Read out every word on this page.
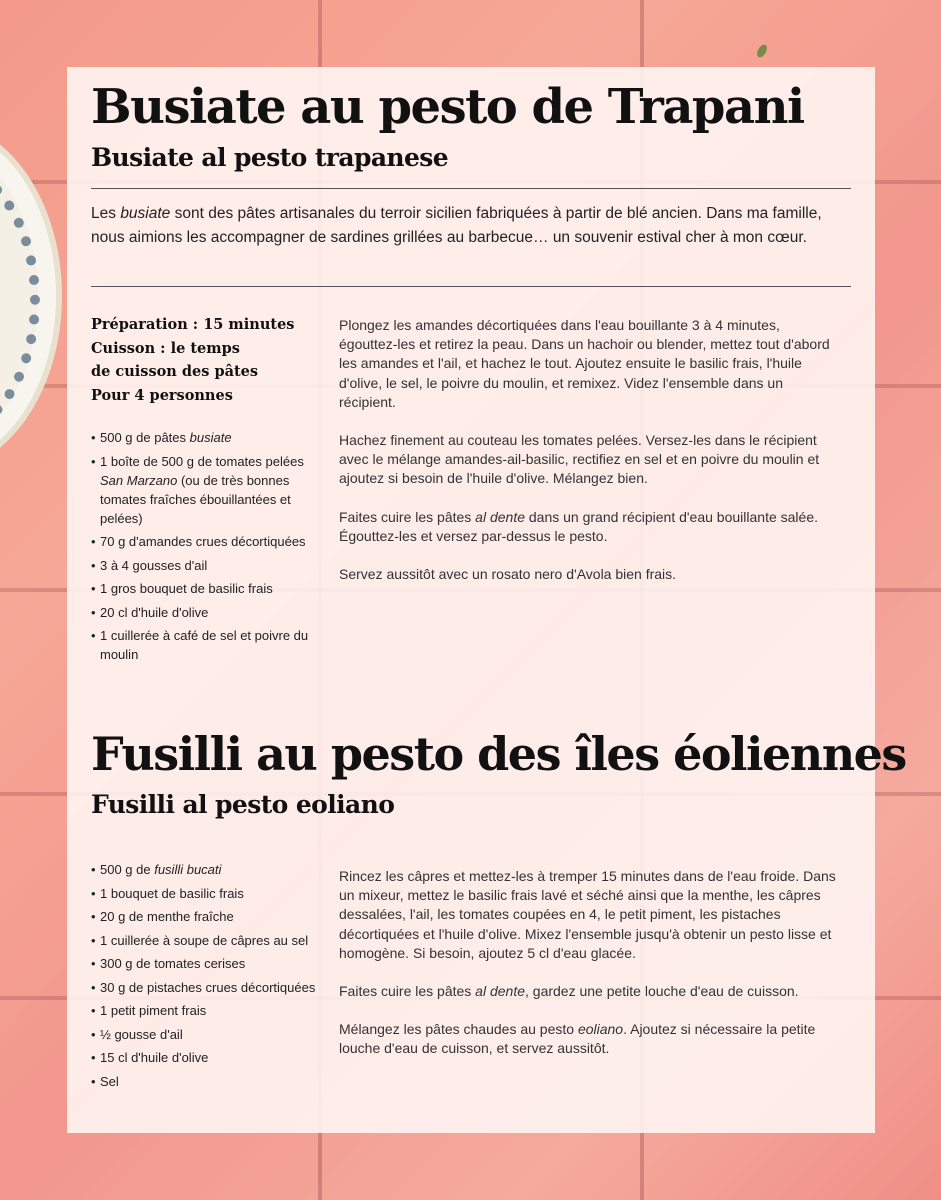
Busiate au pesto de Trapani
Busiate al pesto trapanese
Les busiate sont des pâtes artisanales du terroir sicilien fabriquées à partir de blé ancien. Dans ma famille, nous aimions les accompagner de sardines grillées au barbecue… un souvenir estival cher à mon cœur.
Préparation : 15 minutes
Cuisson : le temps
de cuisson des pâtes
Pour 4 personnes
• 500 g de pâtes busiate
• 1 boîte de 500 g de tomates pelées San Marzano (ou de très bonnes tomates fraîches ébouillantées et pelées)
• 70 g d'amandes crues décortiquées
• 3 à 4 gousses d'ail
• 1 gros bouquet de basilic frais
• 20 cl d'huile d'olive
• 1 cuillerée à café de sel et poivre du moulin

Plongez les amandes décortiquées dans l'eau bouillante 3 à 4 minutes, égouttez-les et retirez la peau. Dans un hachoir ou blender, mettez tout d'abord les amandes et l'ail, et hachez le tout. Ajoutez ensuite le basilic frais, l'huile d'olive, le sel, le poivre du moulin, et remixez. Videz l'ensemble dans un récipient.

Hachez finement au couteau les tomates pelées. Versez-les dans le récipient avec le mélange amandes-ail-basilic, rectifiez en sel et en poivre du moulin et ajoutez si besoin de l'huile d'olive. Mélangez bien.

Faites cuire les pâtes al dente dans un grand récipient d'eau bouillante salée. Égouttez-les et versez par-dessus le pesto.

Servez aussitôt avec un rosato nero d'Avola bien frais.

Fusilli au pesto des îles éoliennes
Fusilli al pesto eoliano
• 500 g de fusilli bucati
• 1 bouquet de basilic frais
• 20 g de menthe fraîche
• 1 cuillerée à soupe de câpres au sel
• 300 g de tomates cerises
• 30 g de pistaches crues décortiquées
• 1 petit piment frais
• ½ gousse d'ail
• 15 cl d'huile d'olive
• Sel

Rincez les câpres et mettez-les à tremper 15 minutes dans de l'eau froide. Dans un mixeur, mettez le basilic frais lavé et séché ainsi que la menthe, les câpres dessalées, l'ail, les tomates coupées en 4, le petit piment, les pistaches décortiquées et l'huile d'olive. Mixez l'ensemble jusqu'à obtenir un pesto lisse et homogène. Si besoin, ajoutez 5 cl d'eau glacée.

Faites cuire les pâtes al dente, gardez une petite louche d'eau de cuisson.

Mélangez les pâtes chaudes au pesto eoliano. Ajoutez si nécessaire la petite louche d'eau de cuisson, et servez aussitôt.
